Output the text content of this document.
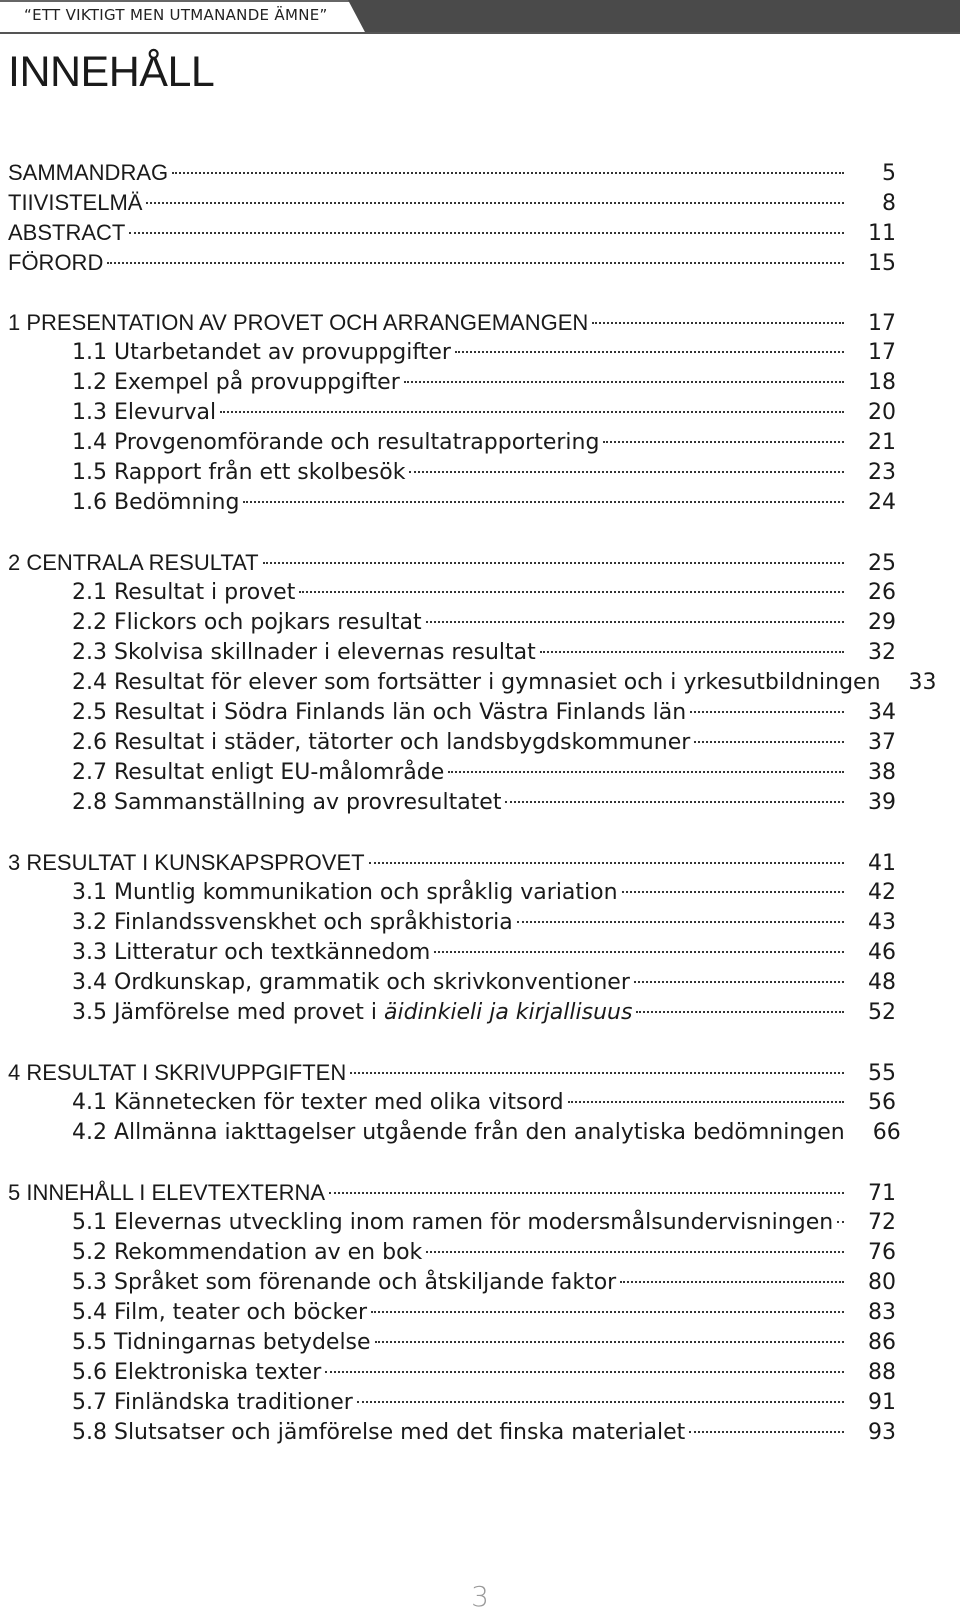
“ETT VIKTIGT MEN UTMANANDE ÄMNE”
INNEHÅLL
SAMMANDRAG	5
TIIVISTELMÄ	8
ABSTRACT	11
FÖRORD	15
1 PRESENTATION AV PROVET OCH ARRANGEMANGEN	17
1.1 Utarbetandet av provuppgifter	17
1.2 Exempel på provuppgifter	18
1.3 Elevurval	20
1.4 Provgenomförande och resultatrapportering	21
1.5 Rapport från ett skolbesök	23
1.6 Bedömning	24
2 CENTRALA RESULTAT	25
2.1 Resultat i provet	26
2.2 Flickors och pojkars resultat	29
2.3 Skolvisa skillnader i elevernas resultat	32
2.4 Resultat för elever som fortsätter i gymnasiet och i yrkesutbildningen	33
2.5 Resultat i Södra Finlands län och Västra Finlands län	34
2.6 Resultat i städer, tätorter och landsbygdskommuner	37
2.7 Resultat enligt EU-målområde	38
2.8 Sammanställning av provresultatet	39
3 RESULTAT I KUNSKAPSPROVET	41
3.1 Muntlig kommunikation och språklig variation	42
3.2 Finlandssvenskhet och språkhistoria	43
3.3 Litteratur och textkännedom	46
3.4 Ordkunskap, grammatik och skrivkonventioner	48
3.5 Jämförelse med provet i äidinkieli ja kirjallisuus	52
4 RESULTAT I SKRIVUPPGIFTEN	55
4.1 Kännetecken för texter med olika vitsord	56
4.2 Allmänna iakttagelser utgående från den analytiska bedömningen	66
5 INNEHÅLL I ELEVTEXTERNA	71
5.1 Elevernas utveckling inom ramen för modersmålsundervisningen	72
5.2 Rekommendation av en bok	76
5.3 Språket som förenande och åtskiljande faktor	80
5.4 Film, teater och böcker	83
5.5 Tidningarnas betydelse	86
5.6 Elektroniska texter	88
5.7 Finländska traditioner	91
5.8 Slutsatser och jämförelse med det finska materialet	93
3
